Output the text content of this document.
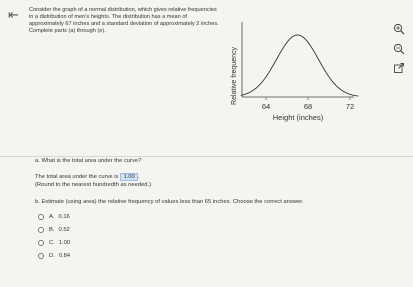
⇤ Consider the graph of a normal distribution, which gives relative frequencies in a distribution of men's heights. The distribution has a mean of approximately 67 inches and a standard deviation of approximately 2 inches. Complete parts (a) through (e).
Relative frequency
64	68	72
Height (inches)
a. What is the total area under the curve?
The total area under the curve is 1.00 .
(Round to the nearest hundredth as needed.)
b. Estimate (using area) the relative frequency of values less than 65 inches. Choose the correct answer.
A. 0.16
B. 0.52
C. 1.00
D. 0.84
